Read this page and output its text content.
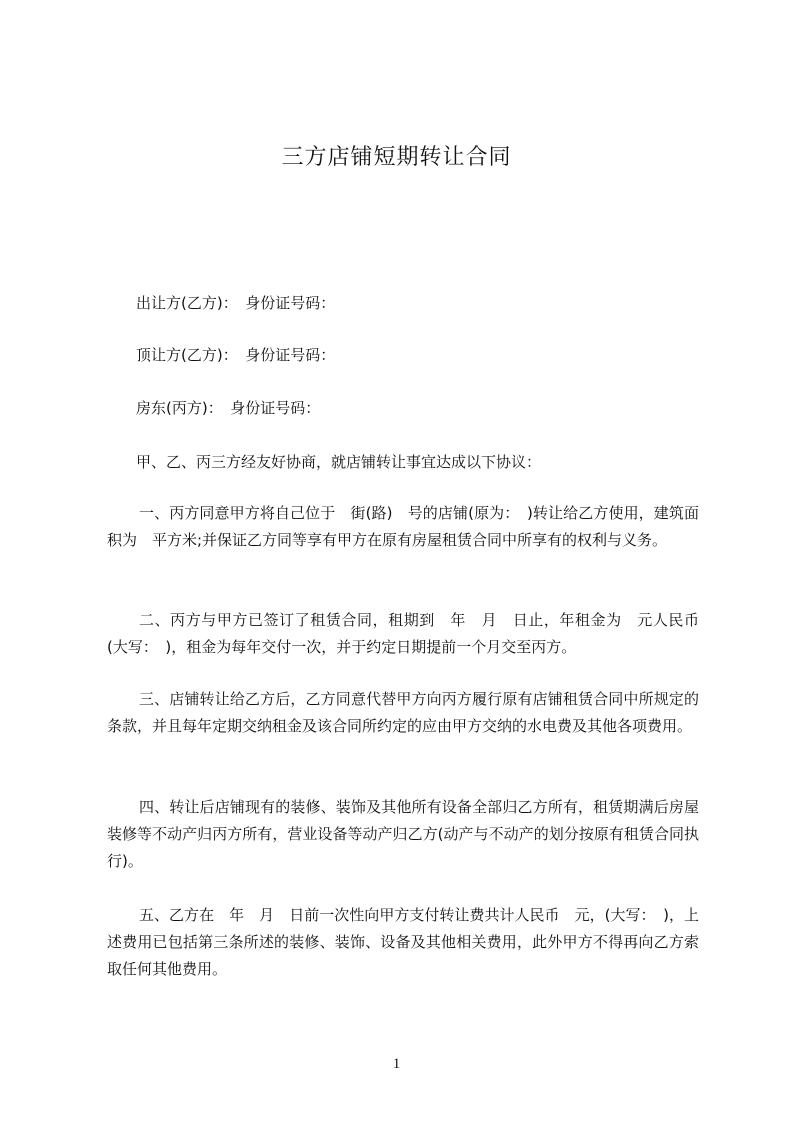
三方店铺短期转让合同
出让方(乙方)：　身份证号码：
顶让方(乙方)：　身份证号码：
房东(丙方)：　身份证号码：
甲、乙、丙三方经友好协商，就店铺转让事宜达成以下协议：
一、丙方同意甲方将自己位于　街(路)　号的店铺(原为：　)转让给乙方使用，建筑面积为　平方米;并保证乙方同等享有甲方在原有房屋租赁合同中所享有的权利与义务。
二、丙方与甲方已签订了租赁合同，租期到　年　月　日止，年租金为　元人民币(大写：　)，租金为每年交付一次，并于约定日期提前一个月交至丙方。
三、店铺转让给乙方后，乙方同意代替甲方向丙方履行原有店铺租赁合同中所规定的条款，并且每年定期交纳租金及该合同所约定的应由甲方交纳的水电费及其他各项费用。
四、转让后店铺现有的装修、装饰及其他所有设备全部归乙方所有，租赁期满后房屋装修等不动产归丙方所有，营业设备等动产归乙方(动产与不动产的划分按原有租赁合同执行)。
五、乙方在　年　月　日前一次性向甲方支付转让费共计人民币　元，(大写：　)，上述费用已包括第三条所述的装修、装饰、设备及其他相关费用，此外甲方不得再向乙方索取任何其他费用。
1
